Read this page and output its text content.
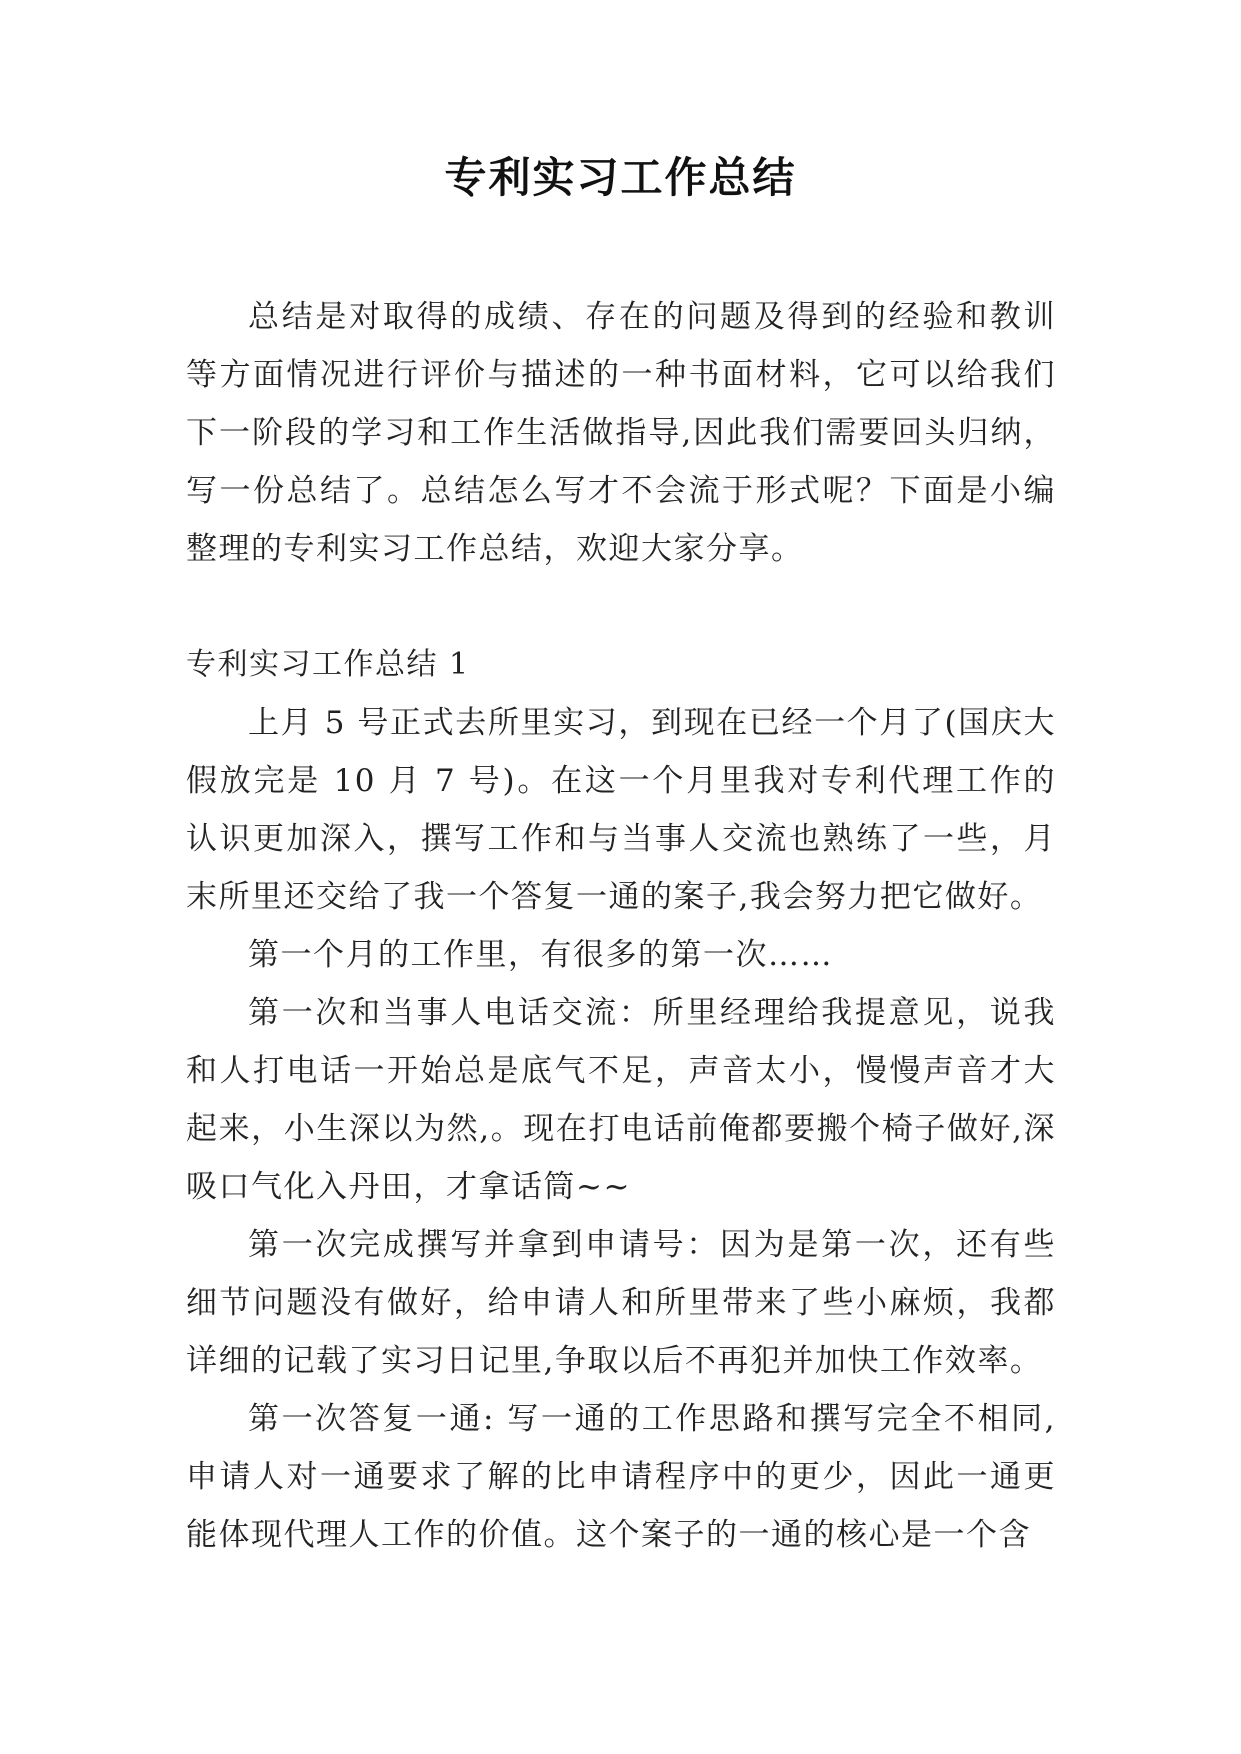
专利实习工作总结

总结是对取得的成绩、存在的问题及得到的经验和教训等方面情况进行评价与描述的一种书面材料，它可以给我们下一阶段的学习和工作生活做指导,因此我们需要回头归纳，写一份总结了。总结怎么写才不会流于形式呢？下面是小编整理的专利实习工作总结，欢迎大家分享。

专利实习工作总结 1

上月 5 号正式去所里实习，到现在已经一个月了(国庆大假放完是 10 月 7 号)。在这一个月里我对专利代理工作的认识更加深入，撰写工作和与当事人交流也熟练了一些，月末所里还交给了我一个答复一通的案子,我会努力把它做好。

第一个月的工作里，有很多的第一次……

第一次和当事人电话交流：所里经理给我提意见，说我和人打电话一开始总是底气不足，声音太小，慢慢声音才大起来，小生深以为然,。现在打电话前俺都要搬个椅子做好,深吸口气化入丹田，才拿话筒~~

第一次完成撰写并拿到申请号：因为是第一次，还有些细节问题没有做好，给申请人和所里带来了些小麻烦，我都详细的记载了实习日记里,争取以后不再犯并加快工作效率。

第一次答复一通: 写一通的工作思路和撰写完全不相同,申请人对一通要求了解的比申请程序中的更少，因此一通更能体现代理人工作的价值。这个案子的一通的核心是一个含
